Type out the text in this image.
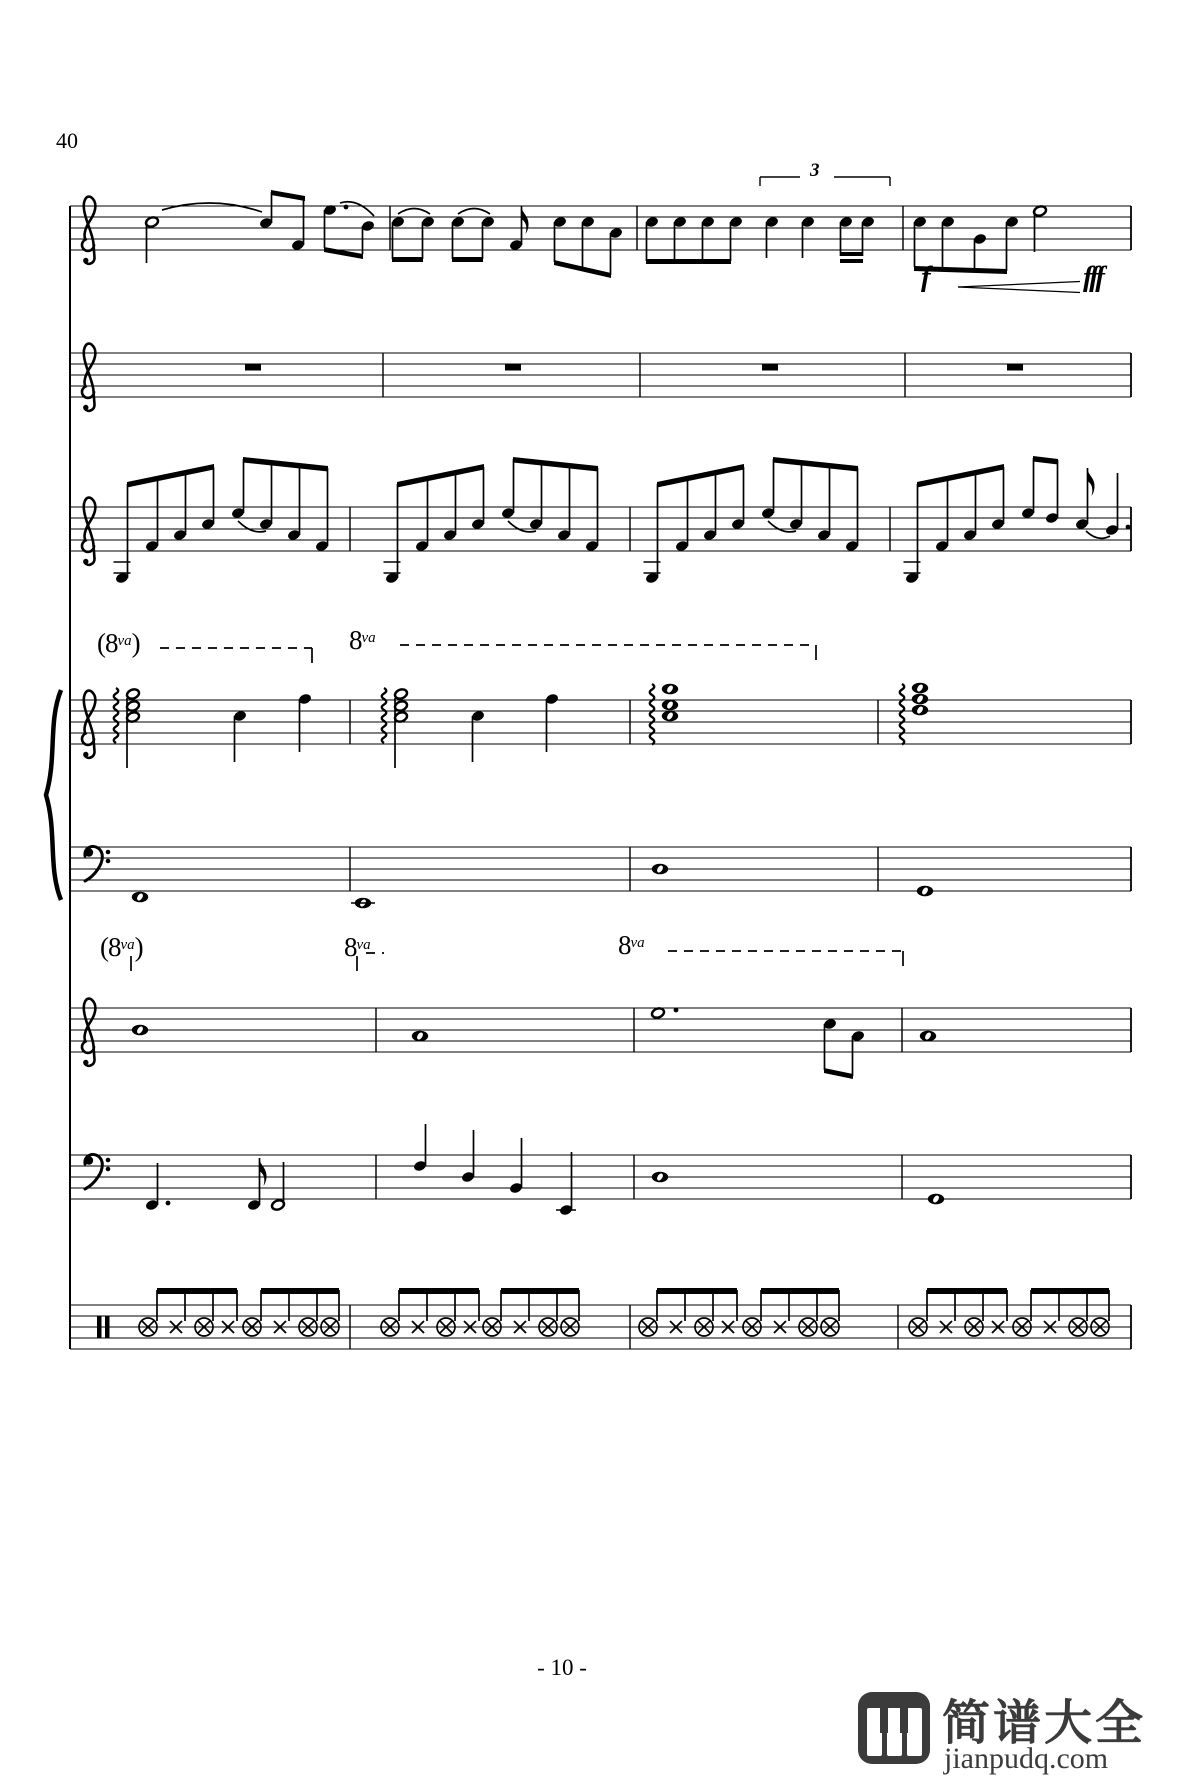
40
3
f	fff
$(8^{va})$	$8^{va}$
$(8^{va})$	$8^{va}$	$8^{va}$
- 10 -
简谱大全
jianpudq.com
